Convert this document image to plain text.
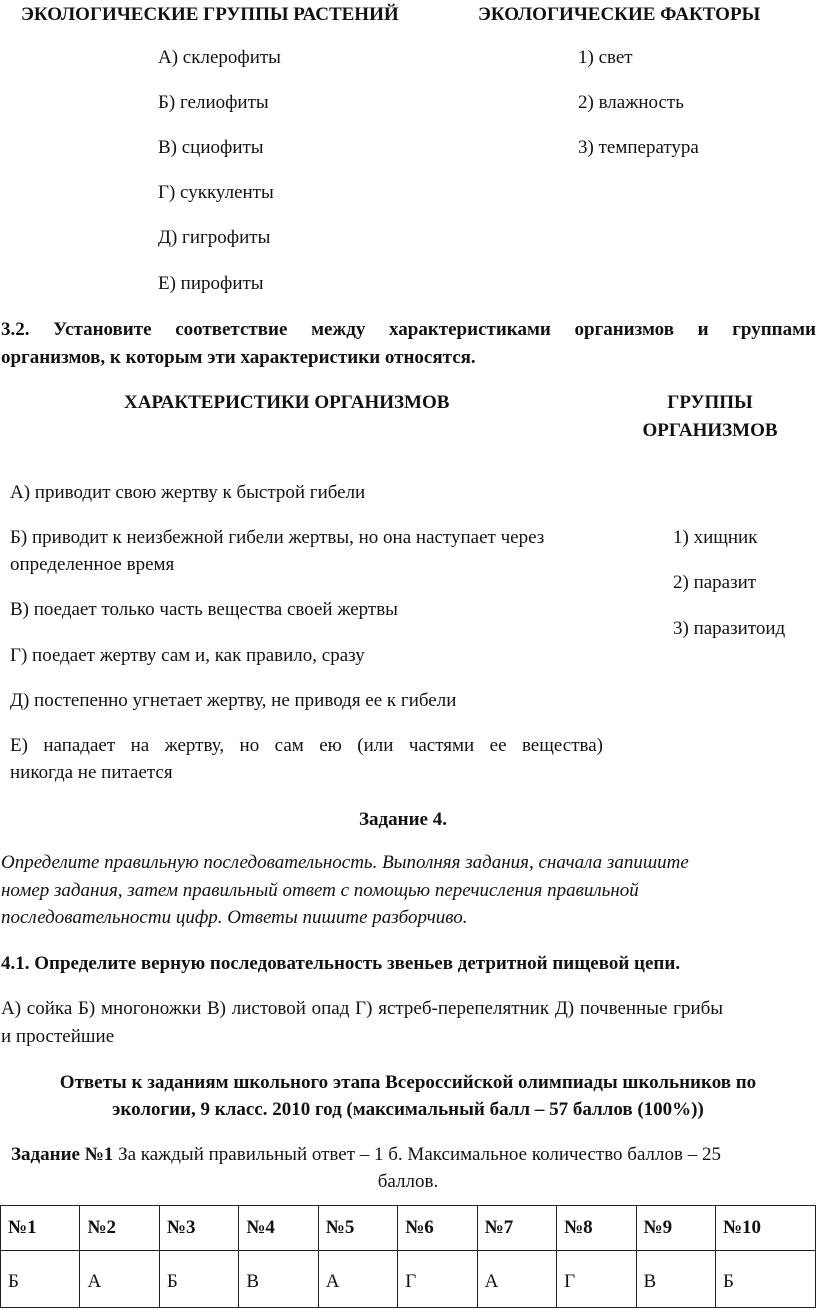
ЭКОЛОГИЧЕСКИЕ ГРУППЫ РАСТЕНИЙ	ЭКОЛОГИЧЕСКИЕ ФАКТОРЫ
А) склерофиты
Б) гелиофиты
В) сциофиты
Г) суккуленты
Д) гигрофиты
Е) пирофиты
1) свет
2) влажность
3) температура
3.2. Установите соответствие между характеристиками организмов и группами
организмов, к которым эти характеристики относятся.
ХАРАКТЕРИСТИКИ ОРГАНИЗМОВ	ГРУППЫ
ОРГАНИЗМОВ
А) приводит свою жертву к быстрой гибели
Б) приводит к неизбежной гибели жертвы, но она наступает через
определенное время
В) поедает только часть вещества своей жертвы
Г) поедает жертву сам и, как правило, сразу
Д) постепенно угнетает жертву, не приводя ее к гибели
Е) нападает на жертву, но сам ею (или частями ее вещества)
никогда не питается
1) хищник
2) паразит
3) паразитоид
Задание 4.
Определите правильную последовательность. Выполняя задания, сначала запишите
номер задания, затем правильный ответ с помощью перечисления правильной
последовательности цифр. Ответы пишите разборчиво.
4.1. Определите верную последовательность звеньев детритной пищевой цепи.
А) сойка Б) многоножки В) листовой опад Г) ястреб-перепелятник Д) почвенные грибы
и простейшие
Ответы к заданиям школьного этапа Всероссийской олимпиады школьников по
экологии, 9 класс. 2010 год (максимальный балл – 57 баллов (100%))
Задание №1 За каждый правильный ответ – 1 б. Максимальное количество баллов – 25
баллов.
№1	№2	№3	№4	№5	№6	№7	№8	№9	№10
Б	А	Б	В	А	Г	А	Г	В	Б
